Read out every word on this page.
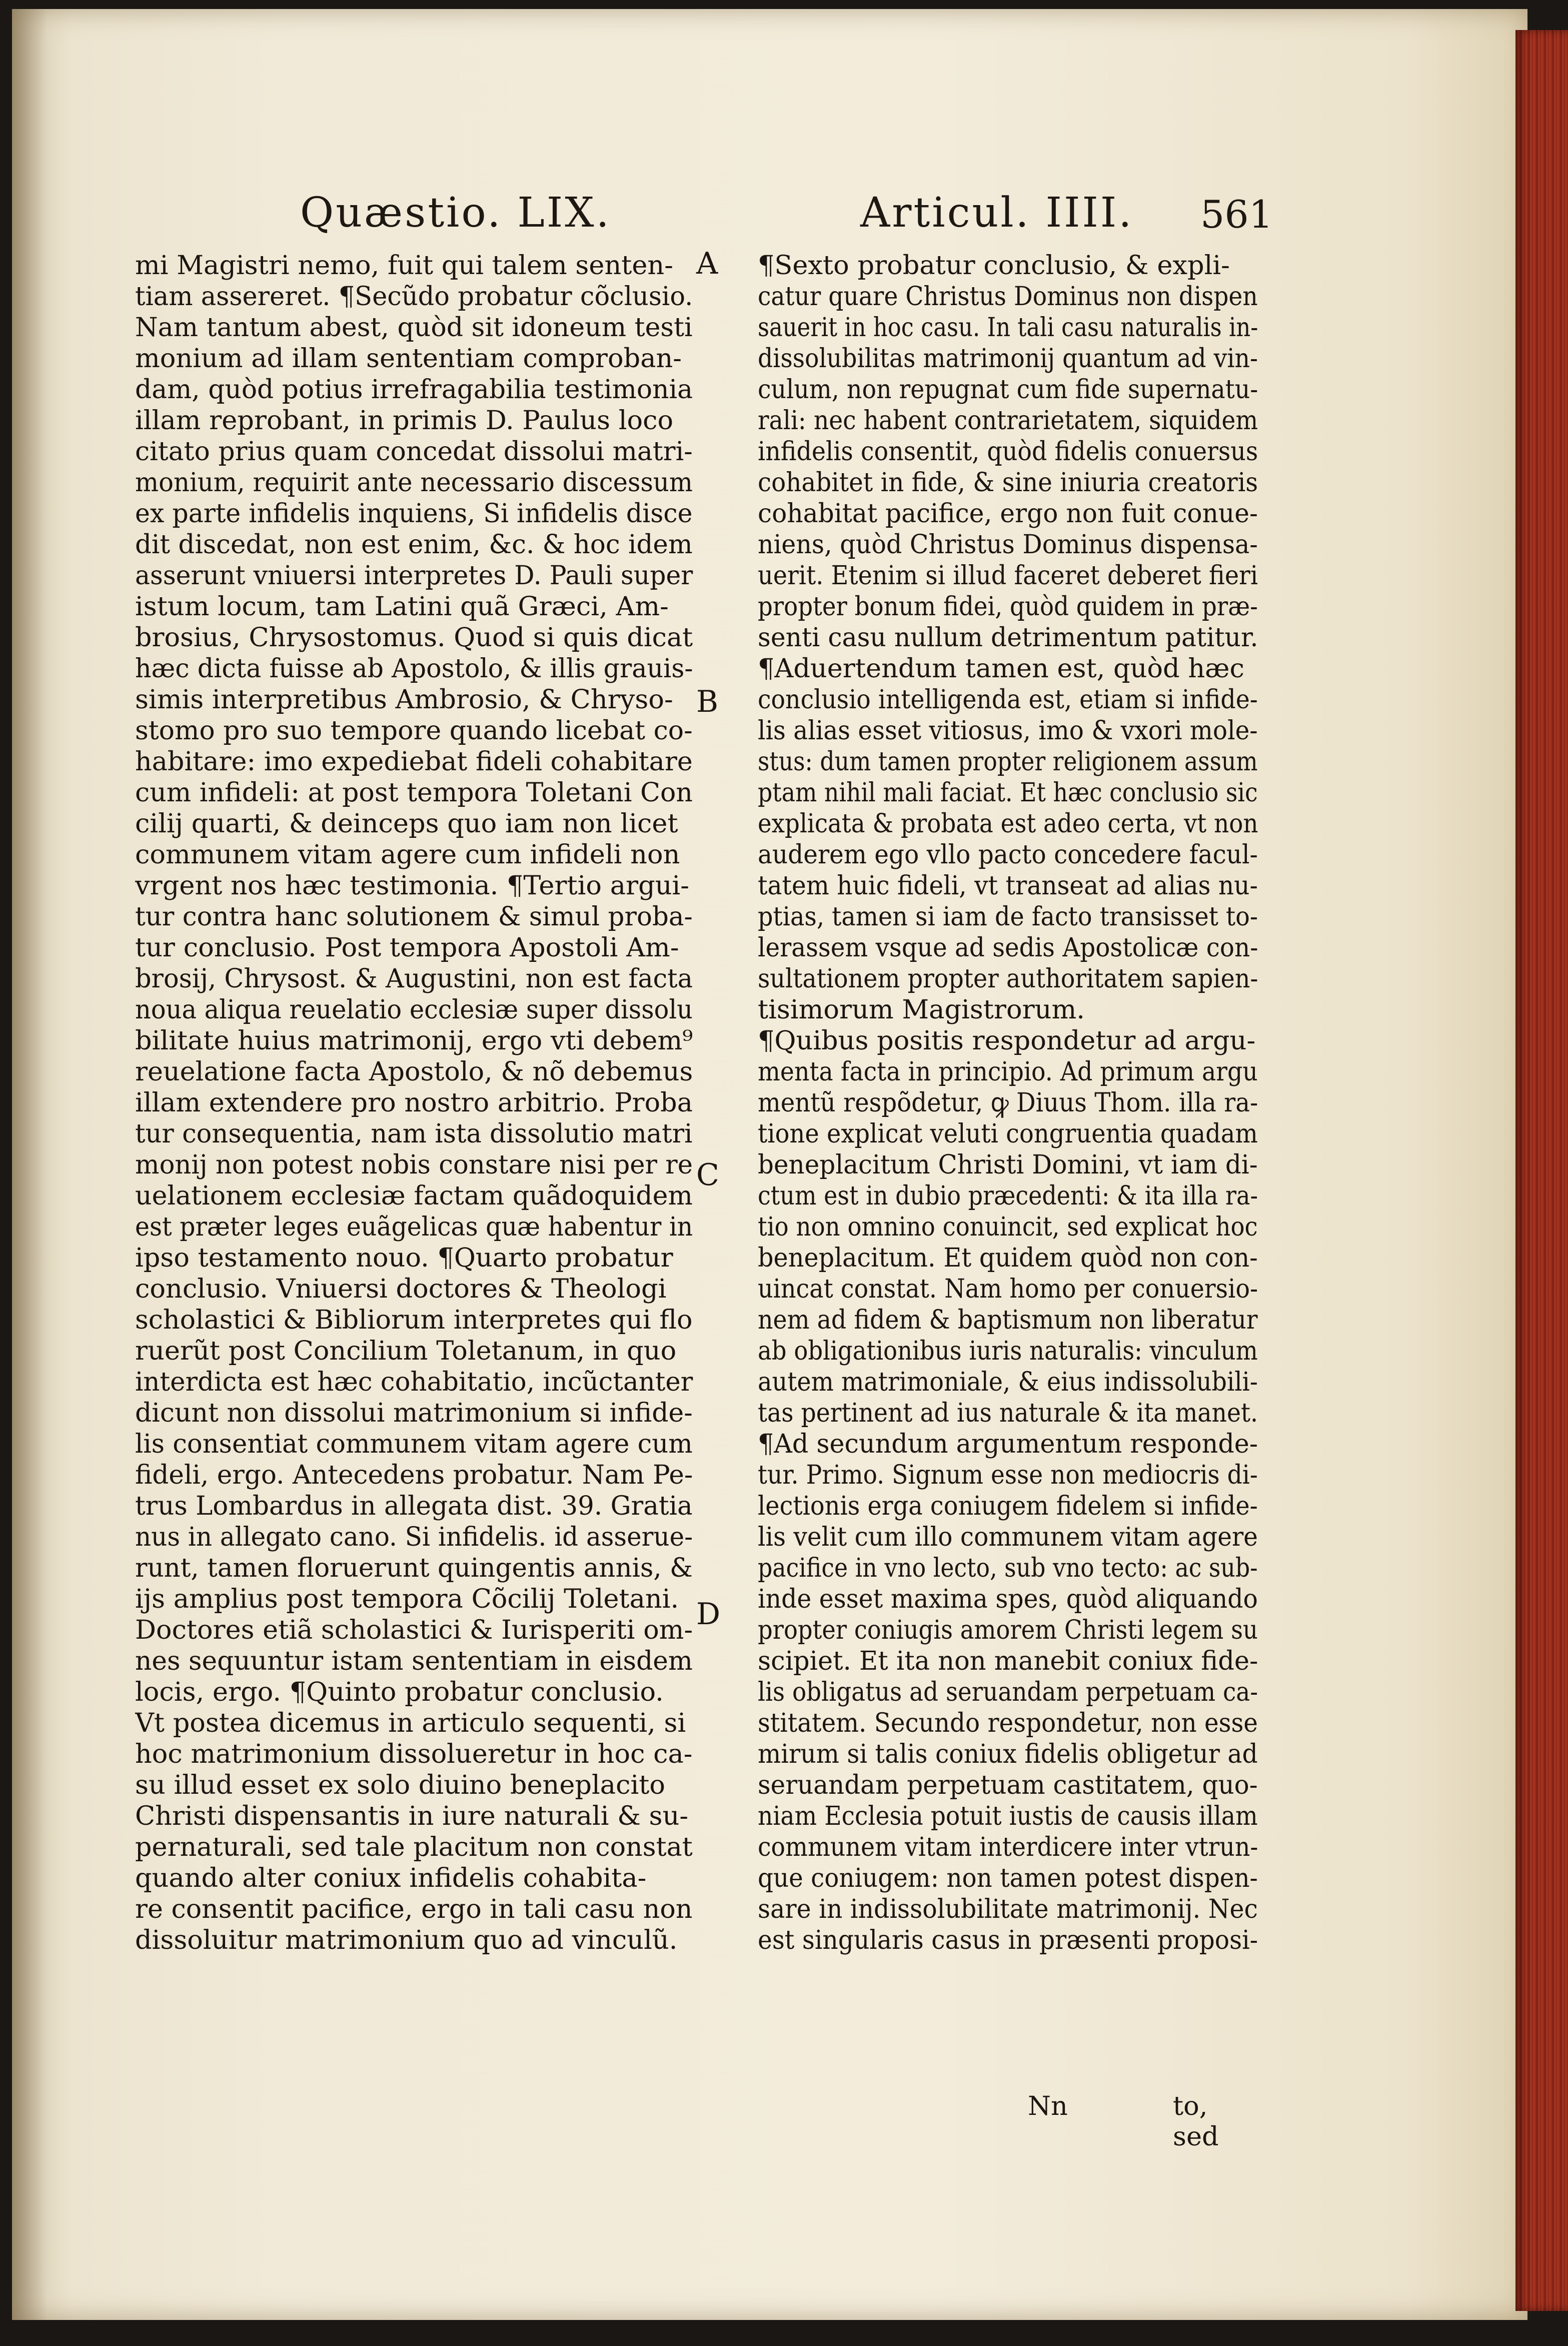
Quæstio. LIX.	Articul. IIII. 561
mi Magistri nemo, fuit qui talem senten-
tiam assereret. ¶Secũdo probatur cõclusio.
Nam tantum abest, quòd sit idoneum testi
monium ad illam sententiam comproban-
dam, quòd potius irrefragabilia testimonia
illam reprobant, in primis D. Paulus loco
citato prius quam concedat dissolui matri-
monium, requirit ante necessario discessum
ex parte infidelis inquiens, Si infidelis disce
dit discedat, non est enim, &c. & hoc idem
asserunt vniuersi interpretes D. Pauli super
istum locum, tam Latini quã Græci, Am-
brosius, Chrysostomus. Quod si quis dicat
hæc dicta fuisse ab Apostolo, & illis grauis-
simis interpretibus Ambrosio, & Chryso-
stomo pro suo tempore quando licebat co-
habitare: imo expediebat fideli cohabitare
cum infideli: at post tempora Toletani Con
cilij quarti, & deinceps quo iam non licet
communem vitam agere cum infideli non
vrgent nos hæc testimonia. ¶Tertio argui-
tur contra hanc solutionem & simul proba-
tur conclusio. Post tempora Apostoli Am-
brosij, Chrysost. & Augustini, non est facta
noua aliqua reuelatio ecclesiæ super dissolu
bilitate huius matrimonij, ergo vti debem⁹
reuelatione facta Apostolo, & nõ debemus
illam extendere pro nostro arbitrio. Proba
tur consequentia, nam ista dissolutio matri
monij non potest nobis constare nisi per re
uelationem ecclesiæ factam quãdoquidem
est præter leges euãgelicas quæ habentur in
ipso testamento nouo. ¶Quarto probatur
conclusio. Vniuersi doctores & Theologi
scholastici & Bibliorum interpretes qui flo
ruerũt post Concilium Toletanum, in quo
interdicta est hæc cohabitatio, incũctanter
dicunt non dissolui matrimonium si infide-
lis consentiat communem vitam agere cum
fideli, ergo. Antecedens probatur. Nam Pe-
trus Lombardus in allegata dist. 39. Gratia
nus in allegato cano. Si infidelis. id asserue-
runt, tamen floruerunt quingentis annis, &
ijs amplius post tempora Cõcilij Toletani.
Doctores etiã scholastici & Iurisperiti om-
nes sequuntur istam sententiam in eisdem
locis, ergo. ¶Quinto probatur conclusio.
Vt postea dicemus in articulo sequenti, si
hoc matrimonium dissolueretur in hoc ca-
su illud esset ex solo diuino beneplacito
Christi dispensantis in iure naturali & su-
pernaturali, sed tale placitum non constat
quando alter coniux infidelis cohabita-
re consentit pacifice, ergo in tali casu non
dissoluitur matrimonium quo ad vinculũ.
¶Sexto probatur conclusio, & expli-
catur quare Christus Dominus non dispen
sauerit in hoc casu. In tali casu naturalis in-
dissolubilitas matrimonij quantum ad vin-
culum, non repugnat cum fide supernatu-
rali: nec habent contrarietatem, siquidem
infidelis consentit, quòd fidelis conuersus
cohabitet in fide, & sine iniuria creatoris
cohabitat pacifice, ergo non fuit conue-
niens, quòd Christus Dominus dispensa-
uerit. Etenim si illud faceret deberet fieri
propter bonum fidei, quòd quidem in præ-
senti casu nullum detrimentum patitur.
¶Aduertendum tamen est, quòd hæc
conclusio intelligenda est, etiam si infide-
lis alias esset vitiosus, imo & vxori mole-
stus: dum tamen propter religionem assum
ptam nihil mali faciat. Et hæc conclusio sic
explicata & probata est adeo certa, vt non
auderem ego vllo pacto concedere facul-
tatem huic fideli, vt transeat ad alias nu-
ptias, tamen si iam de facto transisset to-
lerassem vsque ad sedis Apostolicæ con-
sultationem propter authoritatem sapien-
tisimorum Magistrorum.
¶Quibus positis respondetur ad argu-
menta facta in principio. Ad primum argu
mentũ respõdetur, ꝙ Diuus Thom. illa ra-
tione explicat veluti congruentia quadam
beneplacitum Christi Domini, vt iam di-
ctum est in dubio præcedenti: & ita illa ra-
tio non omnino conuincit, sed explicat hoc
beneplacitum. Et quidem quòd non con-
uincat constat. Nam homo per conuersio-
nem ad fidem & baptismum non liberatur
ab obligationibus iuris naturalis: vinculum
autem matrimoniale, & eius indissolubili-
tas pertinent ad ius naturale & ita manet.
¶Ad secundum argumentum responde-
tur. Primo. Signum esse non mediocris di-
lectionis erga coniugem fidelem si infide-
lis velit cum illo communem vitam agere
pacifice in vno lecto, sub vno tecto: ac sub-
inde esset maxima spes, quòd aliquando
propter coniugis amorem Christi legem su
scipiet. Et ita non manebit coniux fide-
lis obligatus ad seruandam perpetuam ca-
stitatem. Secundo respondetur, non esse
mirum si talis coniux fidelis obligetur ad
seruandam perpetuam castitatem, quo-
niam Ecclesia potuit iustis de causis illam
communem vitam interdicere inter vtrun-
que coniugem: non tamen potest dispen-
sare in indissolubilitate matrimonij. Nec
est singularis casus in præsenti proposi-
A
B
C
D
Nn	to, sed
